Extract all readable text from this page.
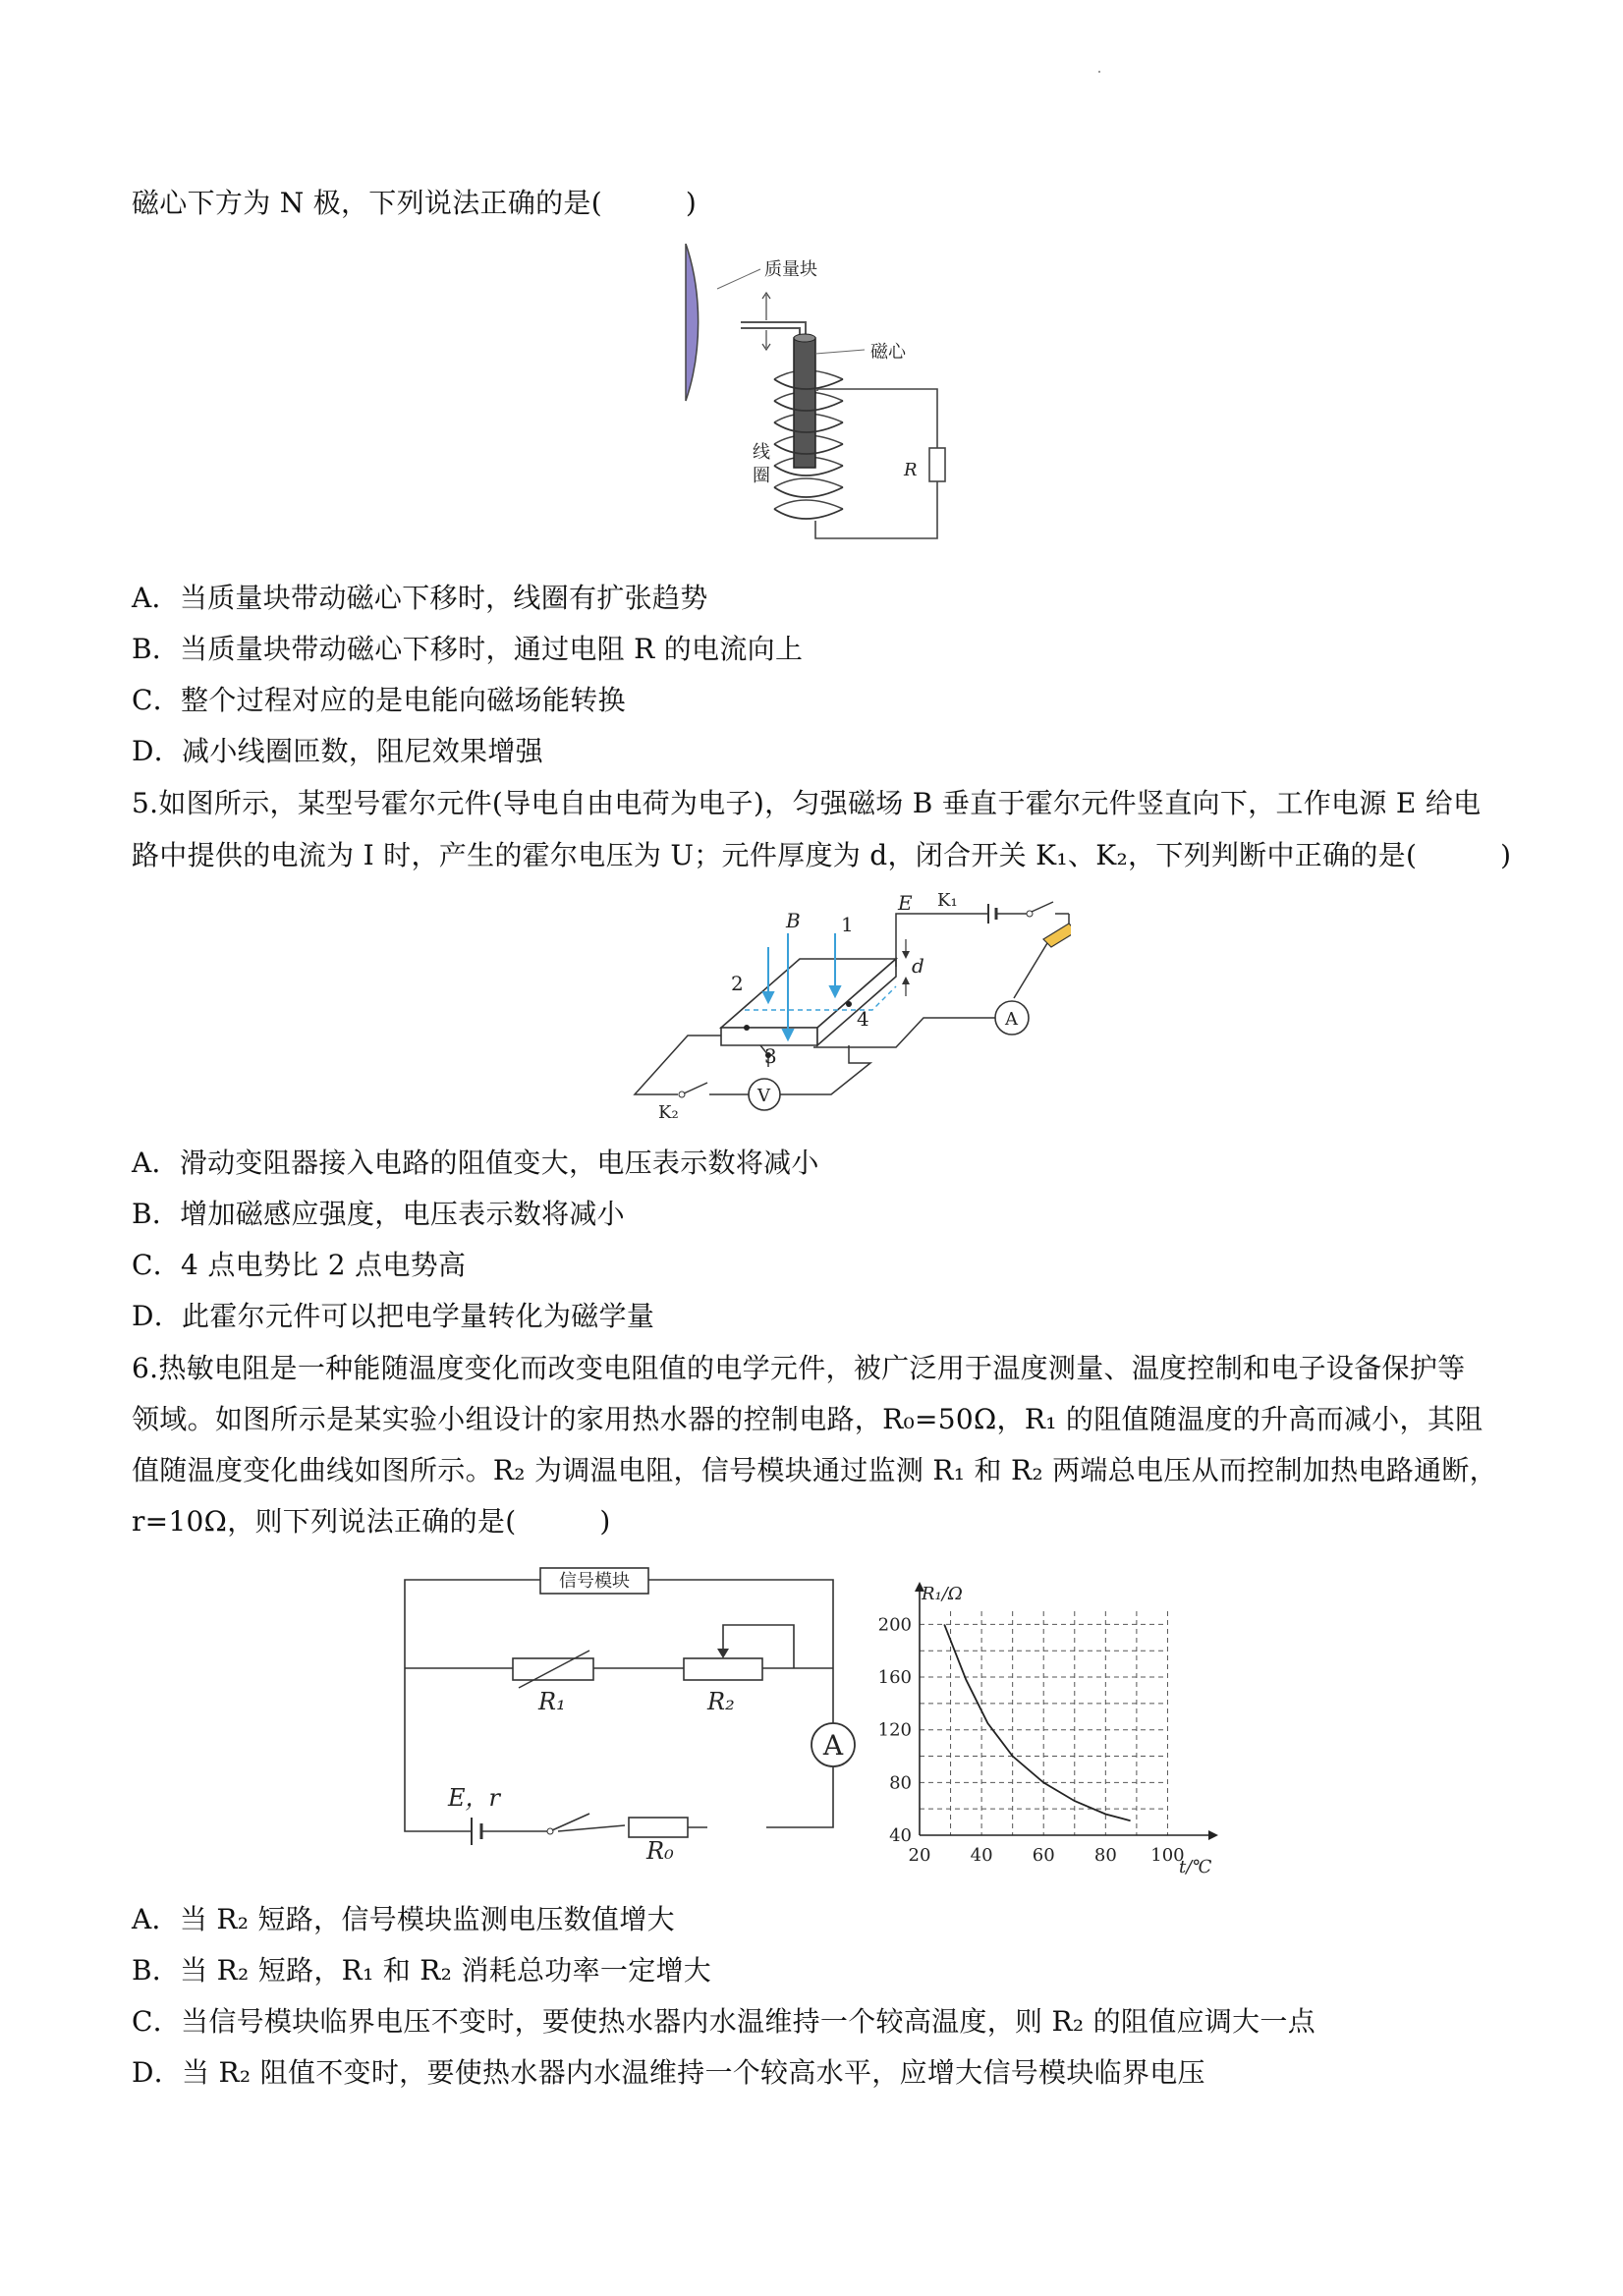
磁心下方为 N 极，下列说法正确的是(　　　)
质量块
磁心
线
圈	R
A．当质量块带动磁心下移时，线圈有扩张趋势
B．当质量块带动磁心下移时，通过电阻 R 的电流向上
C．整个过程对应的是电能向磁场能转换
D．减小线圈匝数，阻尼效果增强
5.如图所示，某型号霍尔元件(导电自由电荷为电子)，匀强磁场 B 垂直于霍尔元件竖直向下，工作电源 E 给电
路中提供的电流为 I 时，产生的霍尔电压为 U；元件厚度为 d，闭合开关 K₁、K₂，下列判断中正确的是(　　　)
B 1
2
3
4
E K₁
d
A
V
K₂
A．滑动变阻器接入电路的阻值变大，电压表示数将减小
B．增加磁感应强度，电压表示数将减小
C．4 点电势比 2 点电势高
D．此霍尔元件可以把电学量转化为磁学量
6.热敏电阻是一种能随温度变化而改变电阻值的电学元件，被广泛用于温度测量、温度控制和电子设备保护等
领域。如图所示是某实验小组设计的家用热水器的控制电路，R₀=50Ω，R₁ 的阻值随温度的升高而减小，其阻
值随温度变化曲线如图所示。R₂ 为调温电阻，信号模块通过监测 R₁ 和 R₂ 两端总电压从而控制加热电路通断，
r=10Ω，则下列说法正确的是(　　　)
信号模块
R₁	R₂
A
E，r
R₀	20 40 60 80 100
40
80
120
160
200
R₁/Ω
t/℃
A．当 R₂ 短路，信号模块监测电压数值增大
B．当 R₂ 短路，R₁ 和 R₂ 消耗总功率一定增大
C．当信号模块临界电压不变时，要使热水器内水温维持一个较高温度，则 R₂ 的阻值应调大一点
D．当 R₂ 阻值不变时，要使热水器内水温维持一个较高水平，应增大信号模块临界电压
